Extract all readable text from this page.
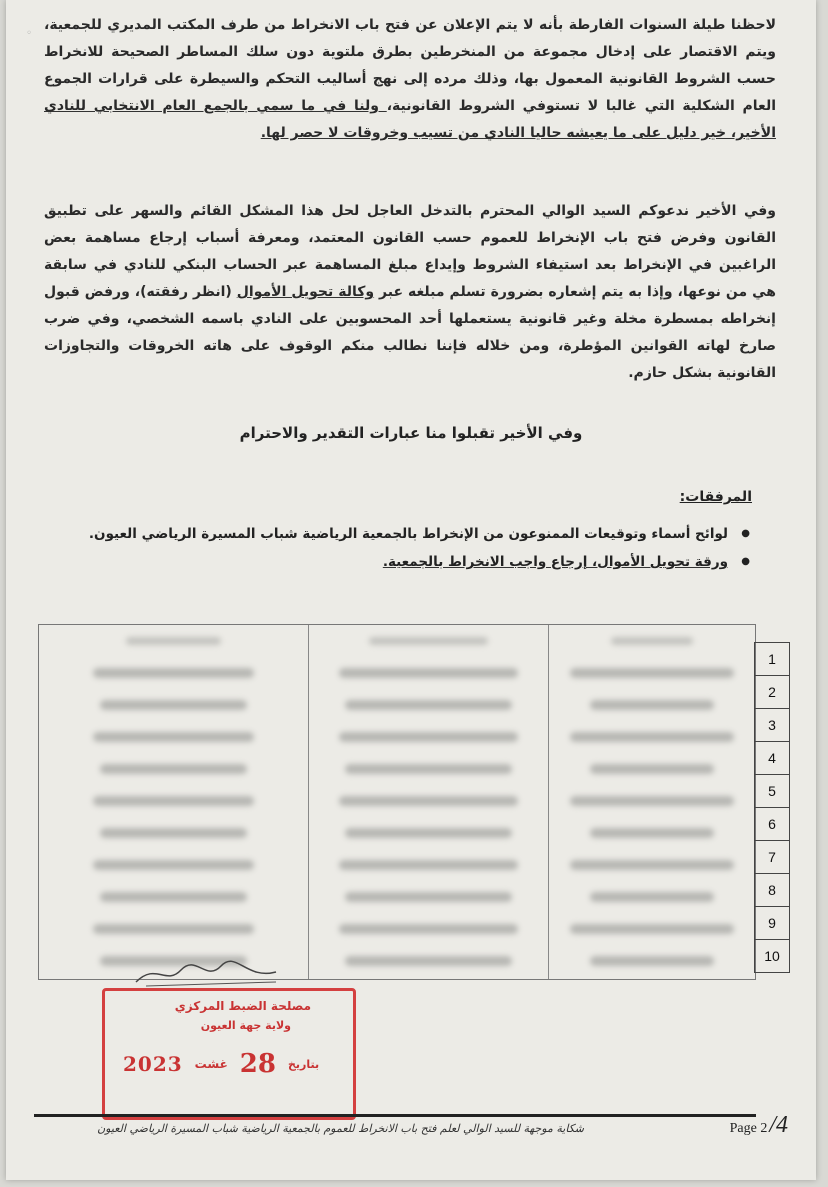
◦
لاحظنا طيلة السنوات الفارطة بأنه لا يتم الإعلان عن فتح باب الانخراط من طرف المكتب المديري للجمعية، ويتم الاقتصار على إدخال مجموعة من المنخرطين بطرق ملتوية دون سلك المساطر الصحيحة للانخراط حسب الشروط القانونية المعمول بها، وذلك مرده إلى نهج أساليب التحكم والسيطرة على قرارات الجموع العام الشكلية التي غالبا لا تستوفي الشروط القانونية، ولنا في ما سمي بالجمع العام الانتخابي للنادي الأخير، خير دليل على ما يعيشه حاليا النادي من تسيب وخروقات لا حصر لها.
وفي الأخير ندعوكم السيد الوالي المحترم بالتدخل العاجل لحل هذا المشكل القائم والسهر على تطبيق القانون وفرض فتح باب الإنخراط للعموم حسب القانون المعتمد، ومعرفة أسباب إرجاع مساهمة بعض الراغبين في الإنخراط بعد استيفاء الشروط وإيداع مبلغ المساهمة عبر الحساب البنكي للنادي في سابقة هي من نوعها، وإذا به يتم إشعاره بضرورة تسلم مبلغه عبر وكالة تحويل الأموال (انظر رفقته)، ورفض قبول إنخراطه بمسطرة مخلة وغير قانونية يستعملها أحد المحسوبين على النادي باسمه الشخصي، وفي ضرب صارخ لهاته القوانين المؤطرة، ومن خلاله فإننا نطالب منكم الوقوف على هاته الخروقات والتجاوزات القانونية بشكل حازم.
وفي الأخير تقبلوا منا عبارات التقدير والاحترام
المرفقات:
● لوائح أسماء وتوقيعات الممنوعون من الإنخراط بالجمعية الرياضية شباب المسيرة الرياضي العيون.
● ورقة تحويل الأموال، إرجاع واجب الانخراط بالجمعية.
1
2
3
4
5
6
7
8
9
10
مصلحة الضبط المركزي
ولاية جهة العيون
2023 غشت 28 بتاريخ
شكاية موجهة للسيد الوالي لعلم فتح باب الانخراط للعموم بالجمعية الرياضية شباب المسيرة الرياضي العيون	Page 2/4
